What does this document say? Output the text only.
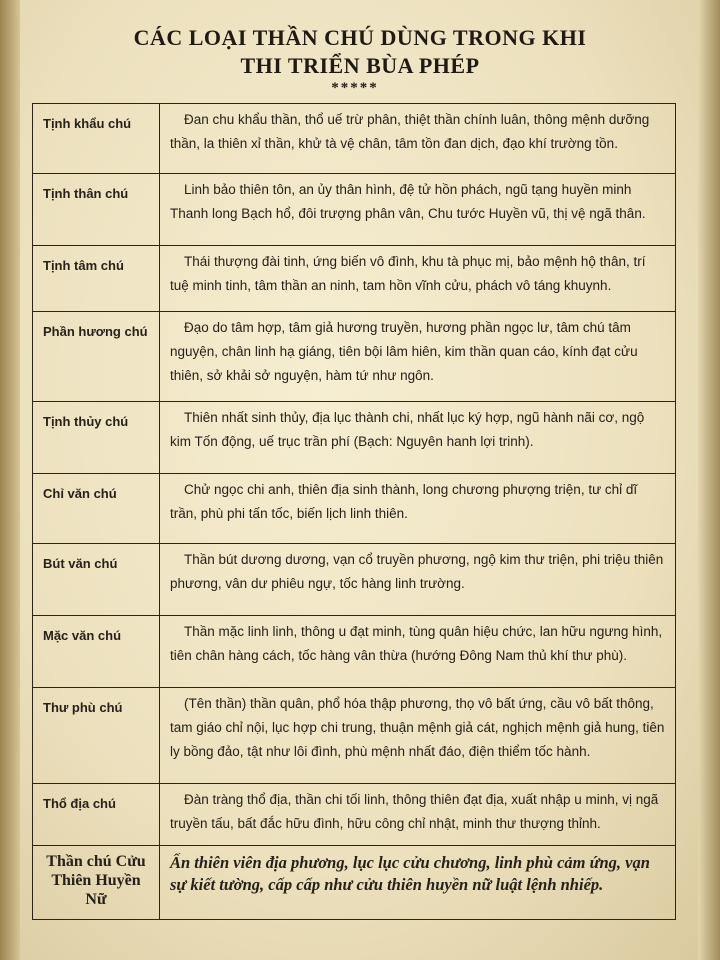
CÁC LOẠI THẦN CHÚ DÙNG TRONG KHI
THI TRIỂN BÙA PHÉP
*****
Tịnh khẩu chú	Đan chu khẩu thần, thổ uế trừ phân, thiệt thần chính luân, thông mệnh dưỡng thần, la thiên xỉ thần, khử tà vệ chân, tâm tồn đan dịch, đạo khí trường tồn.
Tịnh thân chú	Linh bảo thiên tôn, an ủy thân hình, đệ tử hồn phách, ngũ tạng huyền minh Thanh long Bạch hổ, đôi trượng phân vân, Chu tước Huyền vũ, thị vệ ngã thân.
Tịnh tâm chú	Thái thượng đài tinh, ứng biến vô đình, khu tà phục mị, bảo mệnh hộ thân, trí tuệ minh tinh, tâm thần an ninh, tam hồn vĩnh cửu, phách vô táng khuynh.
Phần hương chú	Đạo do tâm hợp, tâm giả hương truyền, hương phần ngọc lư, tâm chú tâm nguyện, chân linh hạ giáng, tiên bội lâm hiên, kim thần quan cáo, kính đạt cửu thiên, sở khải sở nguyện, hàm tứ như ngôn.
Tịnh thủy chú	Thiên nhất sinh thủy, địa lục thành chi, nhất lục ký hợp, ngũ hành nãi cơ, ngộ kim Tốn động, uế trục trần phí (Bạch: Nguyên hanh lợi trinh).
Chỉ văn chú	Chử ngọc chi anh, thiên địa sinh thành, long chương phượng triện, tư chỉ dĩ trần, phù phi tấn tốc, biến lịch linh thiên.
Bút văn chú	Thần bút dương dương, vạn cổ truyền phương, ngộ kim thư triện, phi triệu thiên phương, vân dư phiêu ngự, tốc hàng linh trường.
Mặc văn chú	Thần mặc linh linh, thông u đạt minh, tùng quân hiệu chức, lan hữu ngưng hình, tiên chân hàng cách, tốc hàng vân thừa (hướng Đông Nam thủ khí thư phù).
Thư phù chú	(Tên thần) thần quân, phổ hóa thập phương, thọ vô bất ứng, cầu vô bất thông, tam giáo chỉ nội, lục hợp chi trung, thuận mệnh giả cát, nghịch mệnh giả hung, tiên ly bồng đảo, tật như lôi đình, phù mệnh nhất đáo, điện thiểm tốc hành.
Thổ địa chú	Đàn tràng thổ địa, thần chi tối linh, thông thiên đạt địa, xuất nhập u minh, vị ngã truyền tấu, bất đắc hữu đình, hữu công chỉ nhật, minh thư thượng thỉnh.
Thần chú Cửu Thiên Huyền Nữ	Ấn thiên viên địa phương, lục lục cửu chương, linh phù cảm ứng, vạn sự kiết tường, cấp cấp như cửu thiên huyền nữ luật lệnh nhiếp.
